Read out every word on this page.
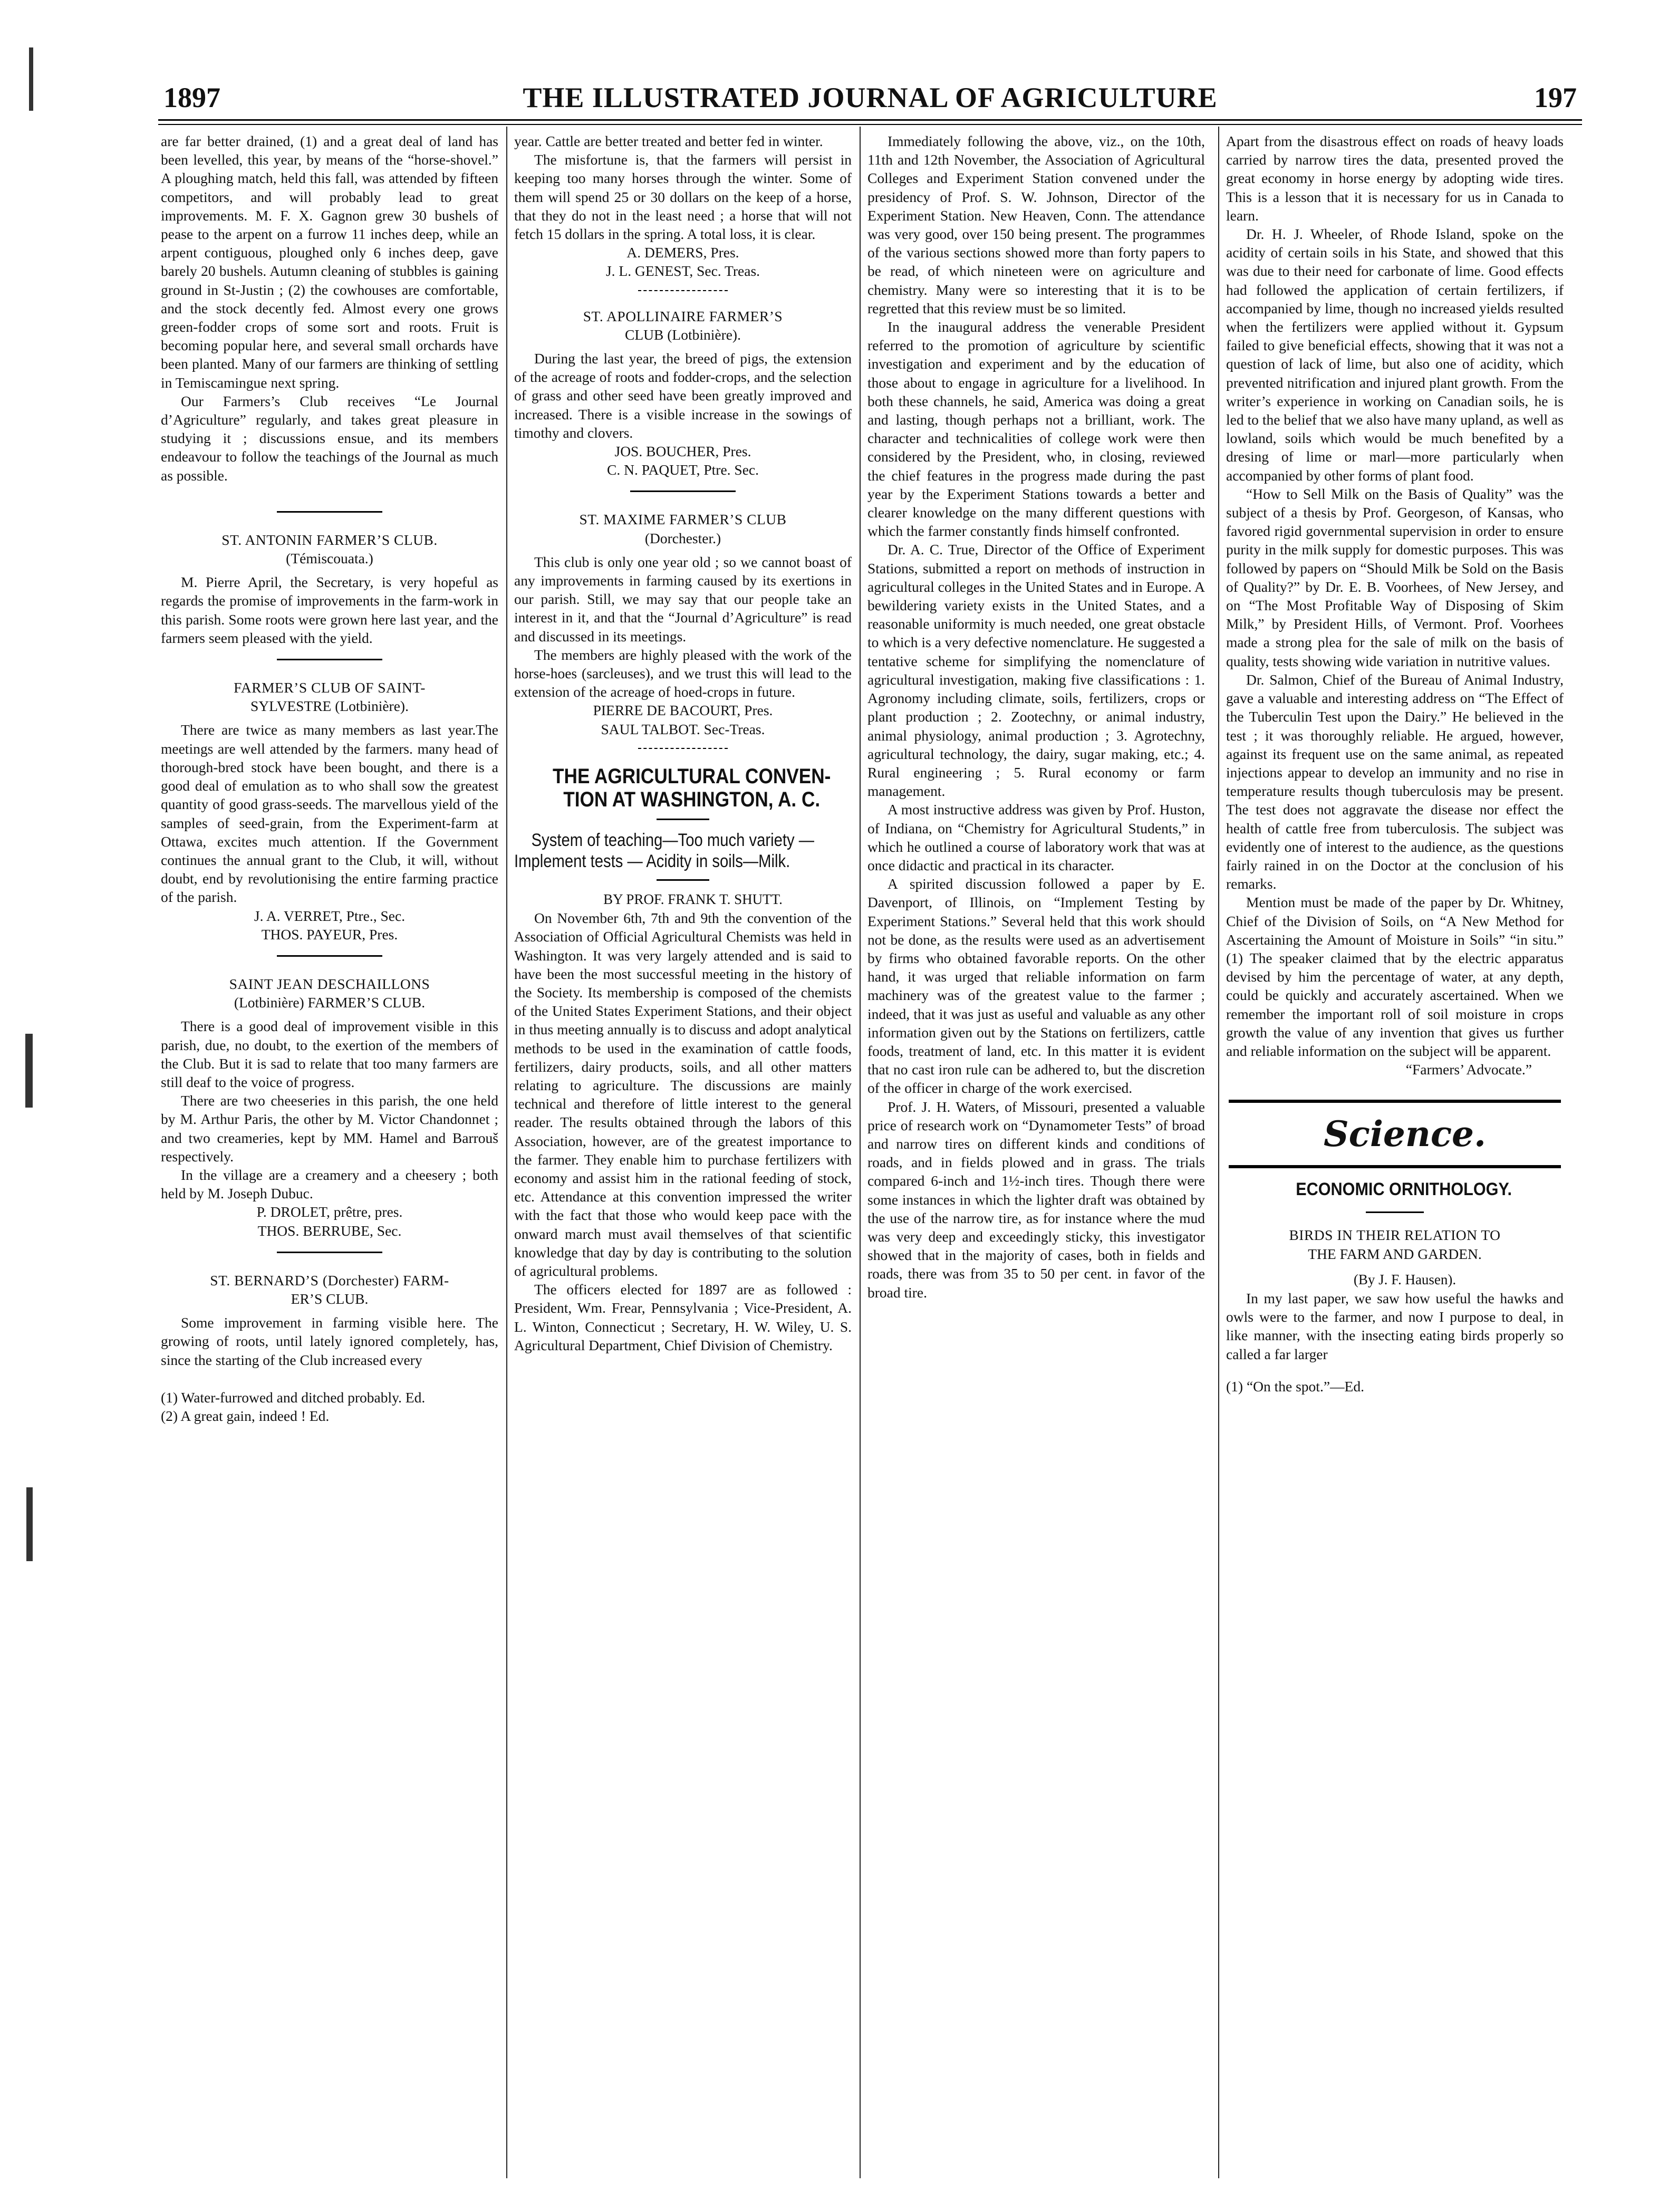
1897	THE ILLUSTRATED JOURNAL OF AGRICULTURE	197

are far better drained, (1) and a great deal of land has been levelled, this year, by means of the “horse-shovel.” A ploughing match, held this fall, was attended by fifteen competitors, and will probably lead to great improvements. M. F. X. Gagnon grew 30 bushels of pease to the arpent on a furrow 11 inches deep, while an arpent contiguous, ploughed only 6 inches deep, gave barely 20 bushels. Autumn cleaning of stubbles is gaining ground in St-Justin ; (2) the cowhouses are comfortable, and the stock decently fed. Almost every one grows green-fodder crops of some sort and roots. Fruit is becoming popular here, and several small orchards have been planted. Many of our farmers are thinking of settling in Temiscamingue next spring.

Our Farmers’s Club receives “Le Journal d’Agriculture” regularly, and takes great pleasure in studying it ; discussions ensue, and its members endeavour to follow the teachings of the Journal as much as possible.

ST. ANTONIN FARMER’S CLUB.

(Témiscouata.)

M. Pierre April, the Secretary, is very hopeful as regards the promise of improvements in the farm-work in this parish. Some roots were grown here last year, and the farmers seem pleased with the yield.

FARMER’S CLUB OF SAINT-

SYLVESTRE (Lotbinière).

There are twice as many members as last year.The meetings are well attended by the farmers. many head of thorough-bred stock have been bought, and there is a good deal of emulation as to who shall sow the greatest quantity of good grass-seeds. The marvellous yield of the samples of seed-grain, from the Experiment-farm at Ottawa, excites much attention. If the Government continues the annual grant to the Club, it will, without doubt, end by revolutionising the entire farming practice of the parish.

J. A. VERRET, Ptre., Sec.

THOS. PAYEUR, Pres.

SAINT JEAN DESCHAILLONS

(Lotbinière) FARMER’S CLUB.

There is a good deal of improvement visible in this parish, due, no doubt, to the exertion of the members of the Club. But it is sad to relate that too many farmers are still deaf to the voice of progress.

There are two cheeseries in this parish, the one held by M. Arthur Paris, the other by M. Victor Chandonnet ; and two creameries, kept by MM. Hamel and Barrouš respectively.

In the village are a creamery and a cheesery ; both held by M. Joseph Dubuc.

P. DROLET, prêtre, pres.

THOS. BERRUBE, Sec.

ST. BERNARD’S (Dorchester) FARM-

ER’S CLUB.

Some improvement in farming visible here. The growing of roots, until lately ignored completely, has, since the starting of the Club increased every

(1) Water-furrowed and ditched probably. Ed.

(2) A great gain, indeed ! Ed.

year. Cattle are better treated and better fed in winter.

The misfortune is, that the farmers will persist in keeping too many horses through the winter. Some of them will spend 25 or 30 dollars on the keep of a horse, that they do not in the least need ; a horse that will not fetch 15 dollars in the spring. A total loss, it is clear.

A. DEMERS, Pres.

J. L. GENEST, Sec. Treas.

ST. APOLLINAIRE FARMER’S

CLUB (Lotbinière).

During the last year, the breed of pigs, the extension of the acreage of roots and fodder-crops, and the selection of grass and other seed have been greatly improved and increased. There is a visible increase in the sowings of timothy and clovers.

JOS. BOUCHER, Pres.

C. N. PAQUET, Ptre. Sec.

ST. MAXIME FARMER’S CLUB

(Dorchester.)

This club is only one year old ; so we cannot boast of any improvements in farming caused by its exertions in our parish. Still, we may say that our people take an interest in it, and that the “Journal d’Agriculture” is read and discussed in its meetings.

The members are highly pleased with the work of the horse-hoes (sarcleuses), and we trust this will lead to the extension of the acreage of hoed-crops in future.

PIERRE DE BACOURT, Pres.

SAUL TALBOT. Sec-Treas.

THE AGRICULTURAL CONVEN-

TION AT WASHINGTON, A. C.

System of teaching—Too much variety — Implement tests — Acidity in soils—Milk.

BY PROF. FRANK T. SHUTT.

On November 6th, 7th and 9th the convention of the Association of Official Agricultural Chemists was held in Washington. It was very largely attended and is said to have been the most successful meeting in the history of the Society. Its membership is composed of the chemists of the United States Experiment Stations, and their object in thus meeting annually is to discuss and adopt analytical methods to be used in the examination of cattle foods, fertilizers, dairy products, soils, and all other matters relating to agriculture. The discussions are mainly technical and therefore of little interest to the general reader. The results obtained through the labors of this Association, however, are of the greatest importance to the farmer. They enable him to purchase fertilizers with economy and assist him in the rational feeding of stock, etc. Attendance at this convention impressed the writer with the fact that those who would keep pace with the onward march must avail themselves of that scientific knowledge that day by day is contributing to the solution of agricultural problems.

The officers elected for 1897 are as followed : President, Wm. Frear, Pennsylvania ; Vice-President, A. L. Winton, Connecticut ; Secretary, H. W. Wiley, U. S. Agricultural Department, Chief Division of Chemistry.

Immediately following the above, viz., on the 10th, 11th and 12th November, the Association of Agricultural Colleges and Experiment Station convened under the presidency of Prof. S. W. Johnson, Director of the Experiment Station. New Heaven, Conn. The attendance was very good, over 150 being present. The programmes of the various sections showed more than forty papers to be read, of which nineteen were on agriculture and chemistry. Many were so interesting that it is to be regretted that this review must be so limited.

In the inaugural address the venerable President referred to the promotion of agriculture by scientific investigation and experiment and by the education of those about to engage in agriculture for a livelihood. In both these channels, he said, America was doing a great and lasting, though perhaps not a brilliant, work. The character and technicalities of college work were then considered by the President, who, in closing, reviewed the chief features in the progress made during the past year by the Experiment Stations towards a better and clearer knowledge on the many different questions with which the farmer constantly finds himself confronted.

Dr. A. C. True, Director of the Office of Experiment Stations, submitted a report on methods of instruction in agricultural colleges in the United States and in Europe. A bewildering variety exists in the United States, and a reasonable uniformity is much needed, one great obstacle to which is a very defective nomenclature. He suggested a tentative scheme for simplifying the nomenclature of agricultural investigation, making five classifications : 1. Agronomy including climate, soils, fertilizers, crops or plant production ; 2. Zootechny, or animal industry, animal physiology, animal production ; 3. Agrotechny, agricultural technology, the dairy, sugar making, etc.; 4. Rural engineering ; 5. Rural economy or farm management.

A most instructive address was given by Prof. Huston, of Indiana, on “Chemistry for Agricultural Students,” in which he outlined a course of laboratory work that was at once didactic and practical in its character.

A spirited discussion followed a paper by E. Davenport, of Illinois, on “Implement Testing by Experiment Stations.” Several held that this work should not be done, as the results were used as an advertisement by firms who obtained favorable reports. On the other hand, it was urged that reliable information on farm machinery was of the greatest value to the farmer ; indeed, that it was just as useful and valuable as any other information given out by the Stations on fertilizers, cattle foods, treatment of land, etc. In this matter it is evident that no cast iron rule can be adhered to, but the discretion of the officer in charge of the work exercised.

Prof. J. H. Waters, of Missouri, presented a valuable price of research work on “Dynamometer Tests” of broad and narrow tires on different kinds and conditions of roads, and in fields plowed and in grass. The trials compared 6-inch and 1½-inch tires. Though there were some instances in which the lighter draft was obtained by the use of the narrow tire, as for instance where the mud was very deep and exceedingly sticky, this investigator showed that in the majority of cases, both in fields and roads, there was from 35 to 50 per cent. in favor of the broad tire.

Apart from the disastrous effect on roads of heavy loads carried by narrow tires the data, presented proved the great economy in horse energy by adopting wide tires. This is a lesson that it is necessary for us in Canada to learn.

Dr. H. J. Wheeler, of Rhode Island, spoke on the acidity of certain soils in his State, and showed that this was due to their need for carbonate of lime. Good effects had followed the application of certain fertilizers, if accompanied by lime, though no increased yields resulted when the fertilizers were applied without it. Gypsum failed to give beneficial effects, showing that it was not a question of lack of lime, but also one of acidity, which prevented nitrification and injured plant growth. From the writer’s experience in working on Canadian soils, he is led to the belief that we also have many upland, as well as lowland, soils which would be much benefited by a dresing of lime or marl—more particularly when accompanied by other forms of plant food.

“How to Sell Milk on the Basis of Quality” was the subject of a thesis by Prof. Georgeson, of Kansas, who favored rigid governmental supervision in order to ensure purity in the milk supply for domestic purposes. This was followed by papers on “Should Milk be Sold on the Basis of Quality?” by Dr. E. B. Voorhees, of New Jersey, and on “The Most Profitable Way of Disposing of Skim Milk,” by President Hills, of Vermont. Prof. Voorhees made a strong plea for the sale of milk on the basis of quality, tests showing wide variation in nutritive values.

Dr. Salmon, Chief of the Bureau of Animal Industry, gave a valuable and interesting address on “The Effect of the Tuberculin Test upon the Dairy.” He believed in the test ; it was thoroughly reliable. He argued, however, against its frequent use on the same animal, as repeated injections appear to develop an immunity and no rise in temperature results though tuberculosis may be present. The test does not aggravate the disease nor effect the health of cattle free from tuberculosis. The subject was evidently one of interest to the audience, as the questions fairly rained in on the Doctor at the conclusion of his remarks.

Mention must be made of the paper by Dr. Whitney, Chief of the Division of Soils, on “A New Method for Ascertaining the Amount of Moisture in Soils” “in situ.” (1) The speaker claimed that by the electric apparatus devised by him the percentage of water, at any depth, could be quickly and accurately ascertained. When we remember the important roll of soil moisture in crops growth the value of any invention that gives us further and reliable information on the subject will be apparent.

“Farmers’ Advocate.”

Science.

ECONOMIC ORNITHOLOGY.

BIRDS IN THEIR RELATION TO

THE FARM AND GARDEN.

(By J. F. Hausen).

In my last paper, we saw how useful the hawks and owls were to the farmer, and now I purpose to deal, in like manner, with the insecting eating birds properly so called a far larger

(1) “On the spot.”—Ed.
